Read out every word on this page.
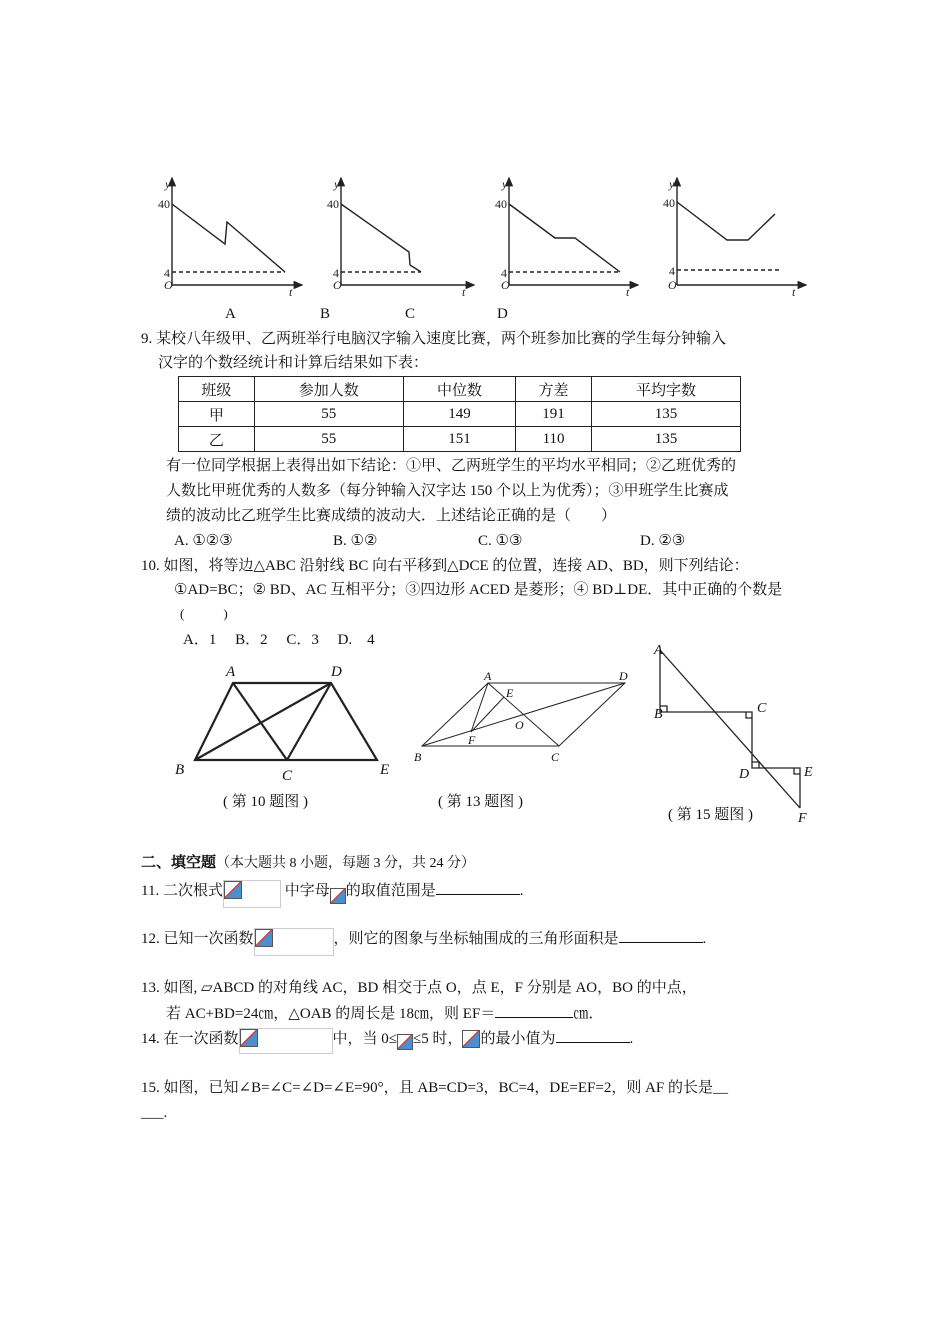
y	y	y	y
t	t	t	t
O	O	O	O
40
4
40
4
40
4
40
4
A	B	C	D
A	D
B	C	E
A	D
E
O
F
B	C
A
B	C
D	E
F
( 第 10 题图 )	( 第 13 题图 )
( 第 15 题图 )
9. 某校八年级甲、乙两班举行电脑汉字输入速度比赛，两个班参加比赛的学生每分钟输入
汉字的个数经统计和计算后结果如下表：
班级	参加人数	中位数	方差	平均字数
甲	55	149	191	135
乙	55	151	110	135
有一位同学根据上表得出如下结论：①甲、乙两班学生的平均水平相同；②乙班优秀的
人数比甲班优秀的人数多（每分钟输入汉字达 150 个以上为优秀）；③甲班学生比赛成
绩的波动比乙班学生比赛成绩的波动大．上述结论正确的是（　　）
A. ①②③	B. ①②	C. ①③	D. ②③
10. 如图，将等边△ABC 沿射线 BC 向右平移到△DCE 的位置，连接 AD、BD，则下列结论：
①AD=BC；② BD、AC 互相平分；③四边形 ACED 是菱形；④ BD⊥DE．其中正确的个数是
(　　　)
A．1　 B．2　 C．3　 D.　4
二、填空题（本大题共 8 小题，每题 3 分，共 24 分）
11. 二次根式	中字母 的取值范围是	.
12. 已知一次函数	，则它的图象与坐标轴围成的三角形面积是	.
13. 如图, ▱ABCD 的对角线 AC，BD 相交于点 O，点 E，F 分别是 AO，BO 的中点，
若 AC+BD=24㎝，△OAB 的周长是 18㎝，则 EF＝	㎝．
14. 在一次函数	中，当 0≤ ≤5 时， 的最小值为	.
15. 如图，已知∠B=∠C=∠D=∠E=90°，且 AB=CD=3，BC=4，DE=EF=2，则 AF 的长是__
___.
